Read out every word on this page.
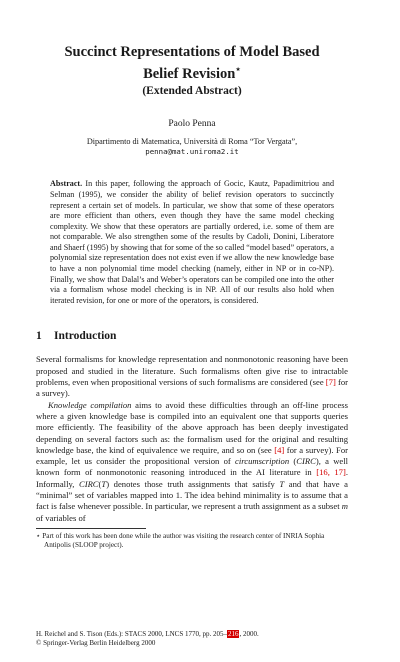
Succinct Representations of Model Based
Belief Revision⋆
(Extended Abstract)
Paolo Penna
Dipartimento di Matematica, Università di Roma “Tor Vergata”,
penna@mat.uniroma2.it
Abstract. In this paper, following the approach of Gocic, Kautz, Papadimitriou and Selman (1995), we consider the ability of belief revision operators to succinctly represent a certain set of models. In particular, we show that some of these operators are more efficient than others, even though they have the same model checking complexity. We show that these operators are partially ordered, i.e. some of them are not comparable. We also strengthen some of the results by Cadoli, Donini, Liberatore and Shaerf (1995) by showing that for some of the so called “model based” operators, a polynomial size representation does not exist even if we allow the new knowledge base to have a non polynomial time model checking (namely, either in NP or in co-NP). Finally, we show that Dalal’s and Weber’s operators can be compiled one into the other via a formalism whose model checking is in NP. All of our results also hold when iterated revision, for one or more of the operators, is considered.
1 Introduction
Several formalisms for knowledge representation and nonmonotonic reasoning have been proposed and studied in the literature. Such formalisms often give rise to intractable problems, even when propositional versions of such formalisms are considered (see [7] for a survey).
Knowledge compilation aims to avoid these difficulties through an off-line process where a given knowledge base is compiled into an equivalent one that supports queries more efficiently. The feasibility of the above approach has been deeply investigated depending on several factors such as: the formalism used for the original and resulting knowledge base, the kind of equivalence we require, and so on (see [4] for a survey). For example, let us consider the propositional version of circumscription (CIRC), a well known form of nonmonotonic reasoning introduced in the AI literature in [16, 17]. Informally, CIRC(T) denotes those truth assignments that satisfy T and that have a “minimal” set of variables mapped into 1. The idea behind minimality is to assume that a fact is false whenever possible. In particular, we represent a truth assignment as a subset m of variables of
⋆ Part of this work has been done while the author was visiting the research center of INRIA Sophia Antipolis (SLOOP project).
H. Reichel and S. Tison (Eds.): STACS 2000, LNCS 1770, pp. 205–216, 2000.
© Springer-Verlag Berlin Heidelberg 2000
